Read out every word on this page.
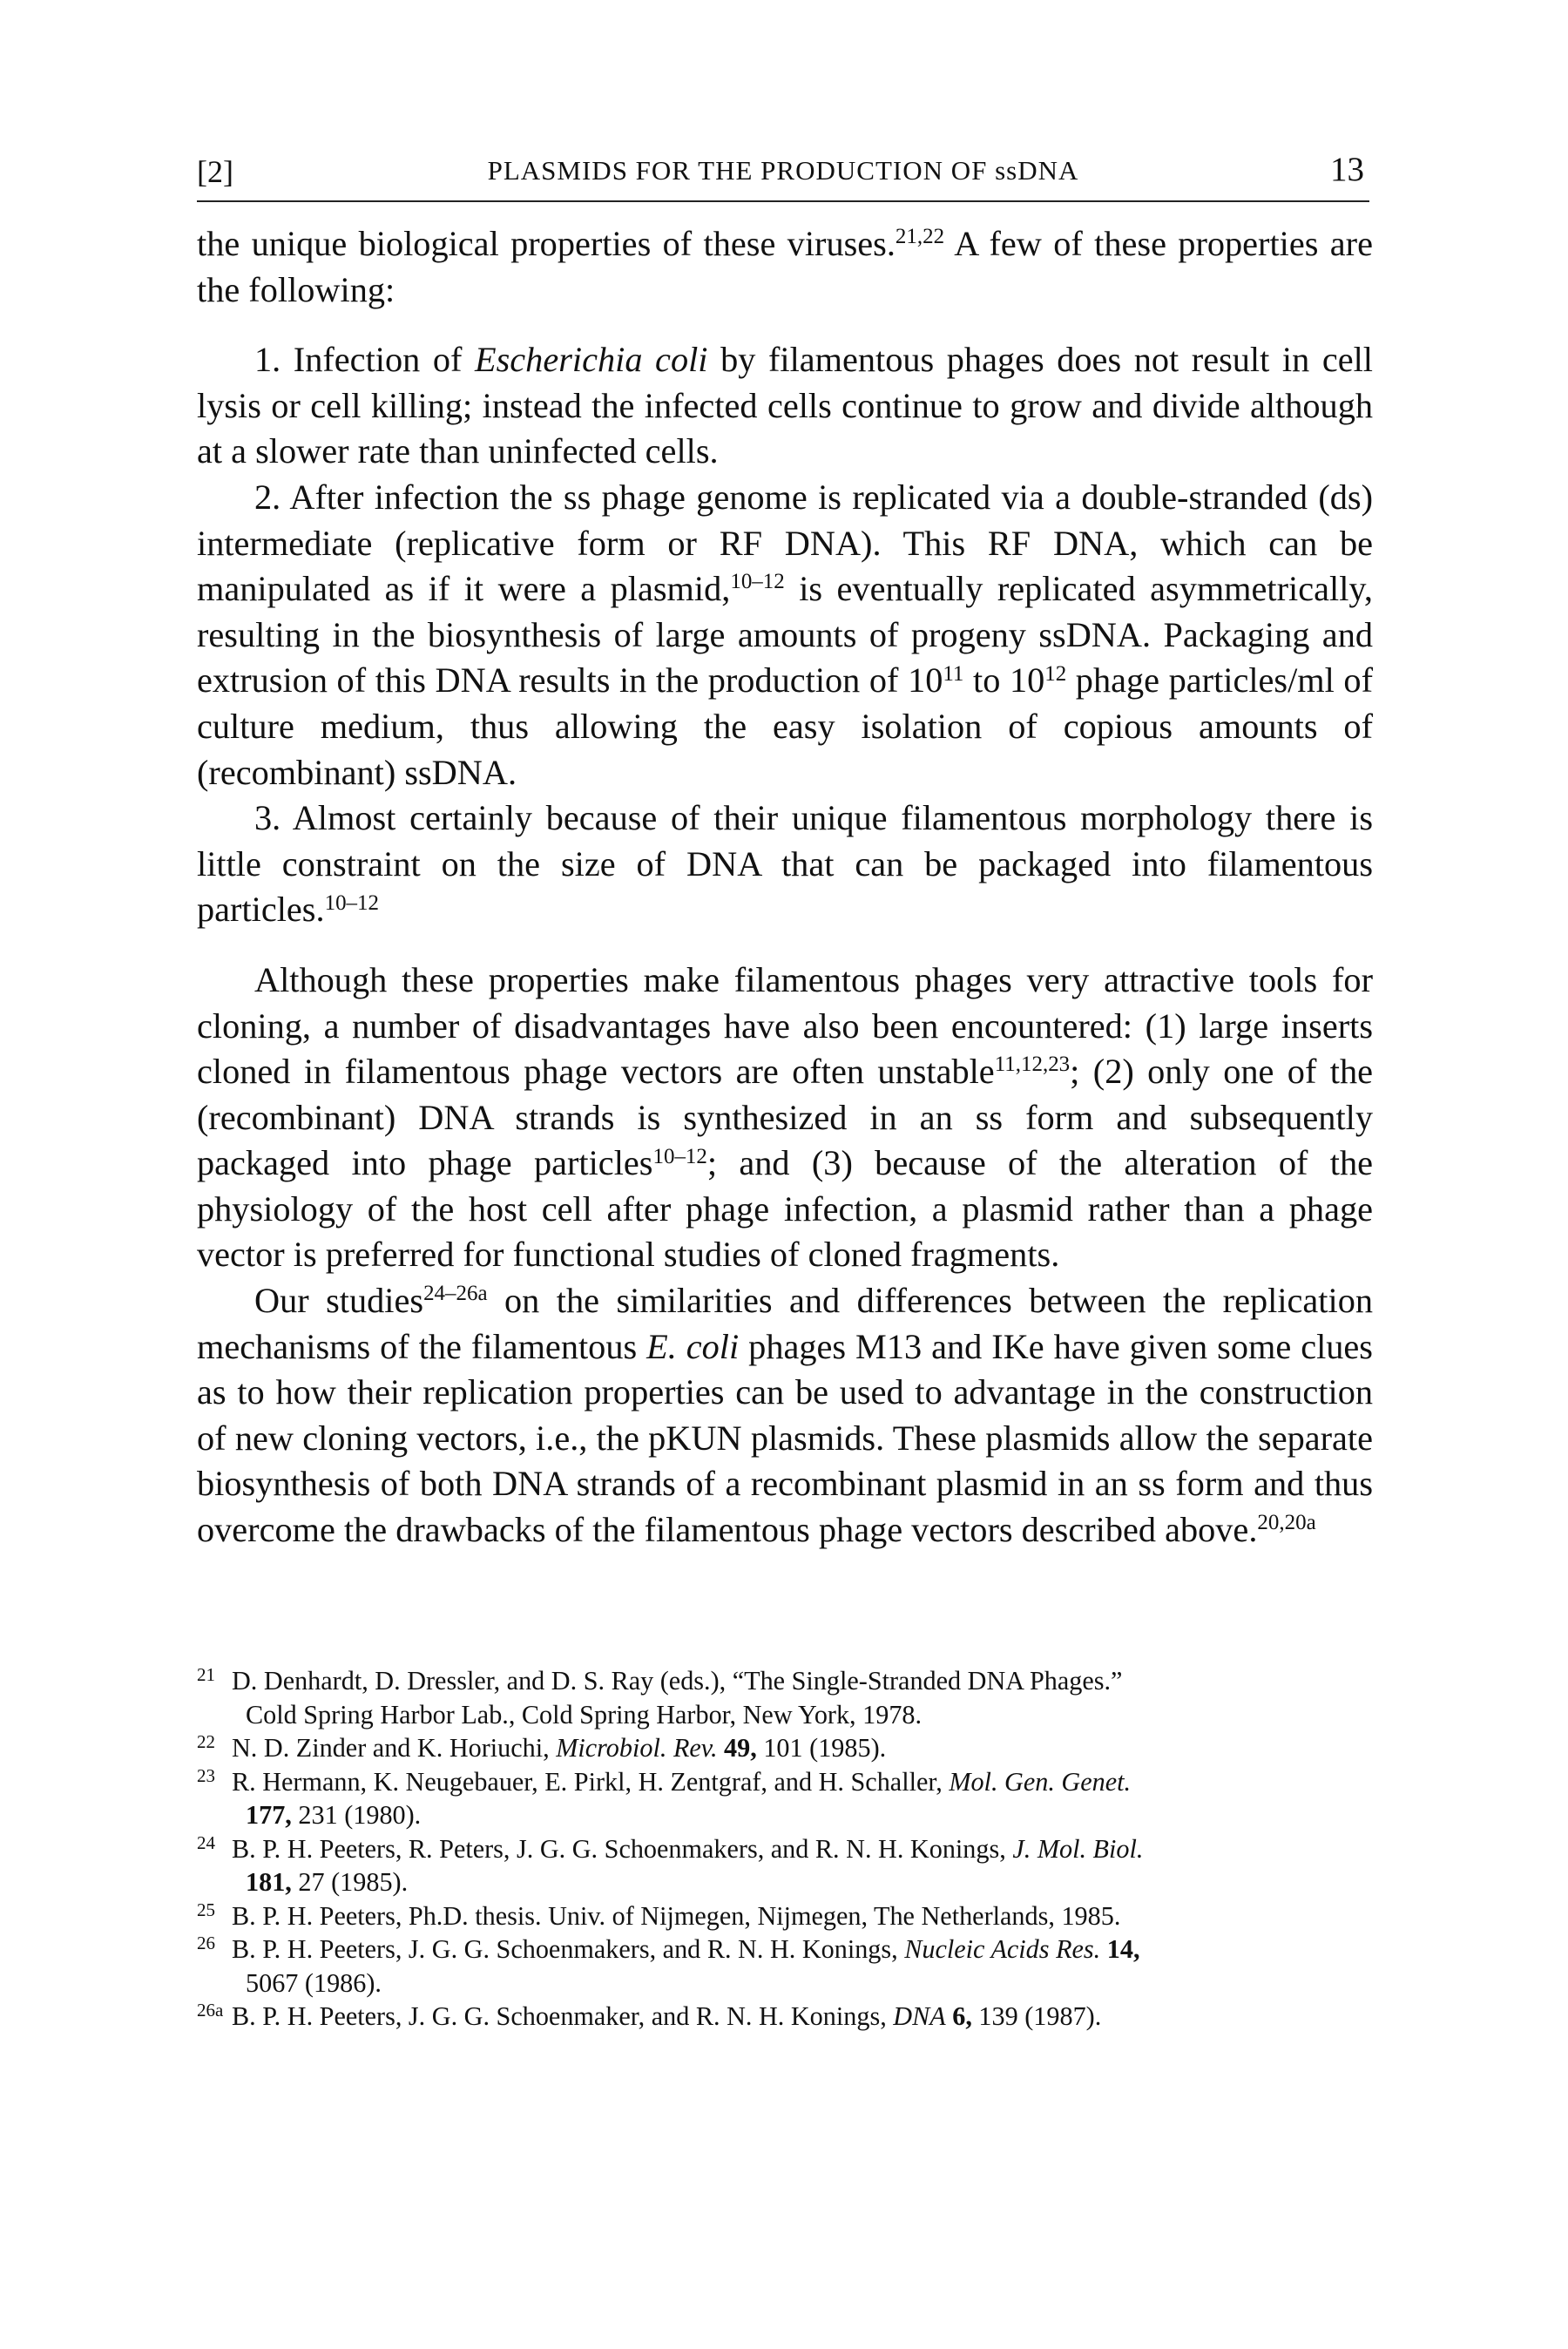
[2]	PLASMIDS FOR THE PRODUCTION OF ssDNA	13

the unique biological properties of these viruses.$^{21,22}$ A few of these properties are the following:

1. Infection of Escherichia coli by filamentous phages does not result in cell lysis or cell killing; instead the infected cells continue to grow and divide although at a slower rate than uninfected cells.

2. After infection the ss phage genome is replicated via a double-stranded (ds) intermediate (replicative form or RF DNA). This RF DNA, which can be manipulated as if it were a plasmid,$^{10-12}$ is eventually replicated asymmetrically, resulting in the biosynthesis of large amounts of progeny ssDNA. Packaging and extrusion of this DNA results in the production of $10^{11}$ to $10^{12}$ phage particles/ml of culture medium, thus allowing the easy isolation of copious amounts of (recombinant) ssDNA.

3. Almost certainly because of their unique filamentous morphology there is little constraint on the size of DNA that can be packaged into filamentous particles.$^{10-12}$

Although these properties make filamentous phages very attractive tools for cloning, a number of disadvantages have also been encountered: (1) large inserts cloned in filamentous phage vectors are often unstable$^{11,12,23}$; (2) only one of the (recombinant) DNA strands is synthesized in an ss form and subsequently packaged into phage particles$^{10-12}$; and (3) because of the alteration of the physiology of the host cell after phage infection, a plasmid rather than a phage vector is preferred for functional studies of cloned fragments.

Our studies$^{24-26a}$ on the similarities and differences between the replication mechanisms of the filamentous E. coli phages M13 and IKe have given some clues as to how their replication properties can be used to advantage in the construction of new cloning vectors, i.e., the pKUN plasmids. These plasmids allow the separate biosynthesis of both DNA strands of a recombinant plasmid in an ss form and thus overcome the drawbacks of the filamentous phage vectors described above.$^{20,20a}$

21 D. Denhardt, D. Dressler, and D. S. Ray (eds.), “The Single-Stranded DNA Phages.”
Cold Spring Harbor Lab., Cold Spring Harbor, New York, 1978.
22 N. D. Zinder and K. Horiuchi, Microbiol. Rev. 49, 101 (1985).
23 R. Hermann, K. Neugebauer, E. Pirkl, H. Zentgraf, and H. Schaller, Mol. Gen. Genet.
177, 231 (1980).
24 B. P. H. Peeters, R. Peters, J. G. G. Schoenmakers, and R. N. H. Konings, J. Mol. Biol.
181, 27 (1985).
25 B. P. H. Peeters, Ph.D. thesis. Univ. of Nijmegen, Nijmegen, The Netherlands, 1985.
26 B. P. H. Peeters, J. G. G. Schoenmakers, and R. N. H. Konings, Nucleic Acids Res. 14,
5067 (1986).
26a B. P. H. Peeters, J. G. G. Schoenmaker, and R. N. H. Konings, DNA 6, 139 (1987).
